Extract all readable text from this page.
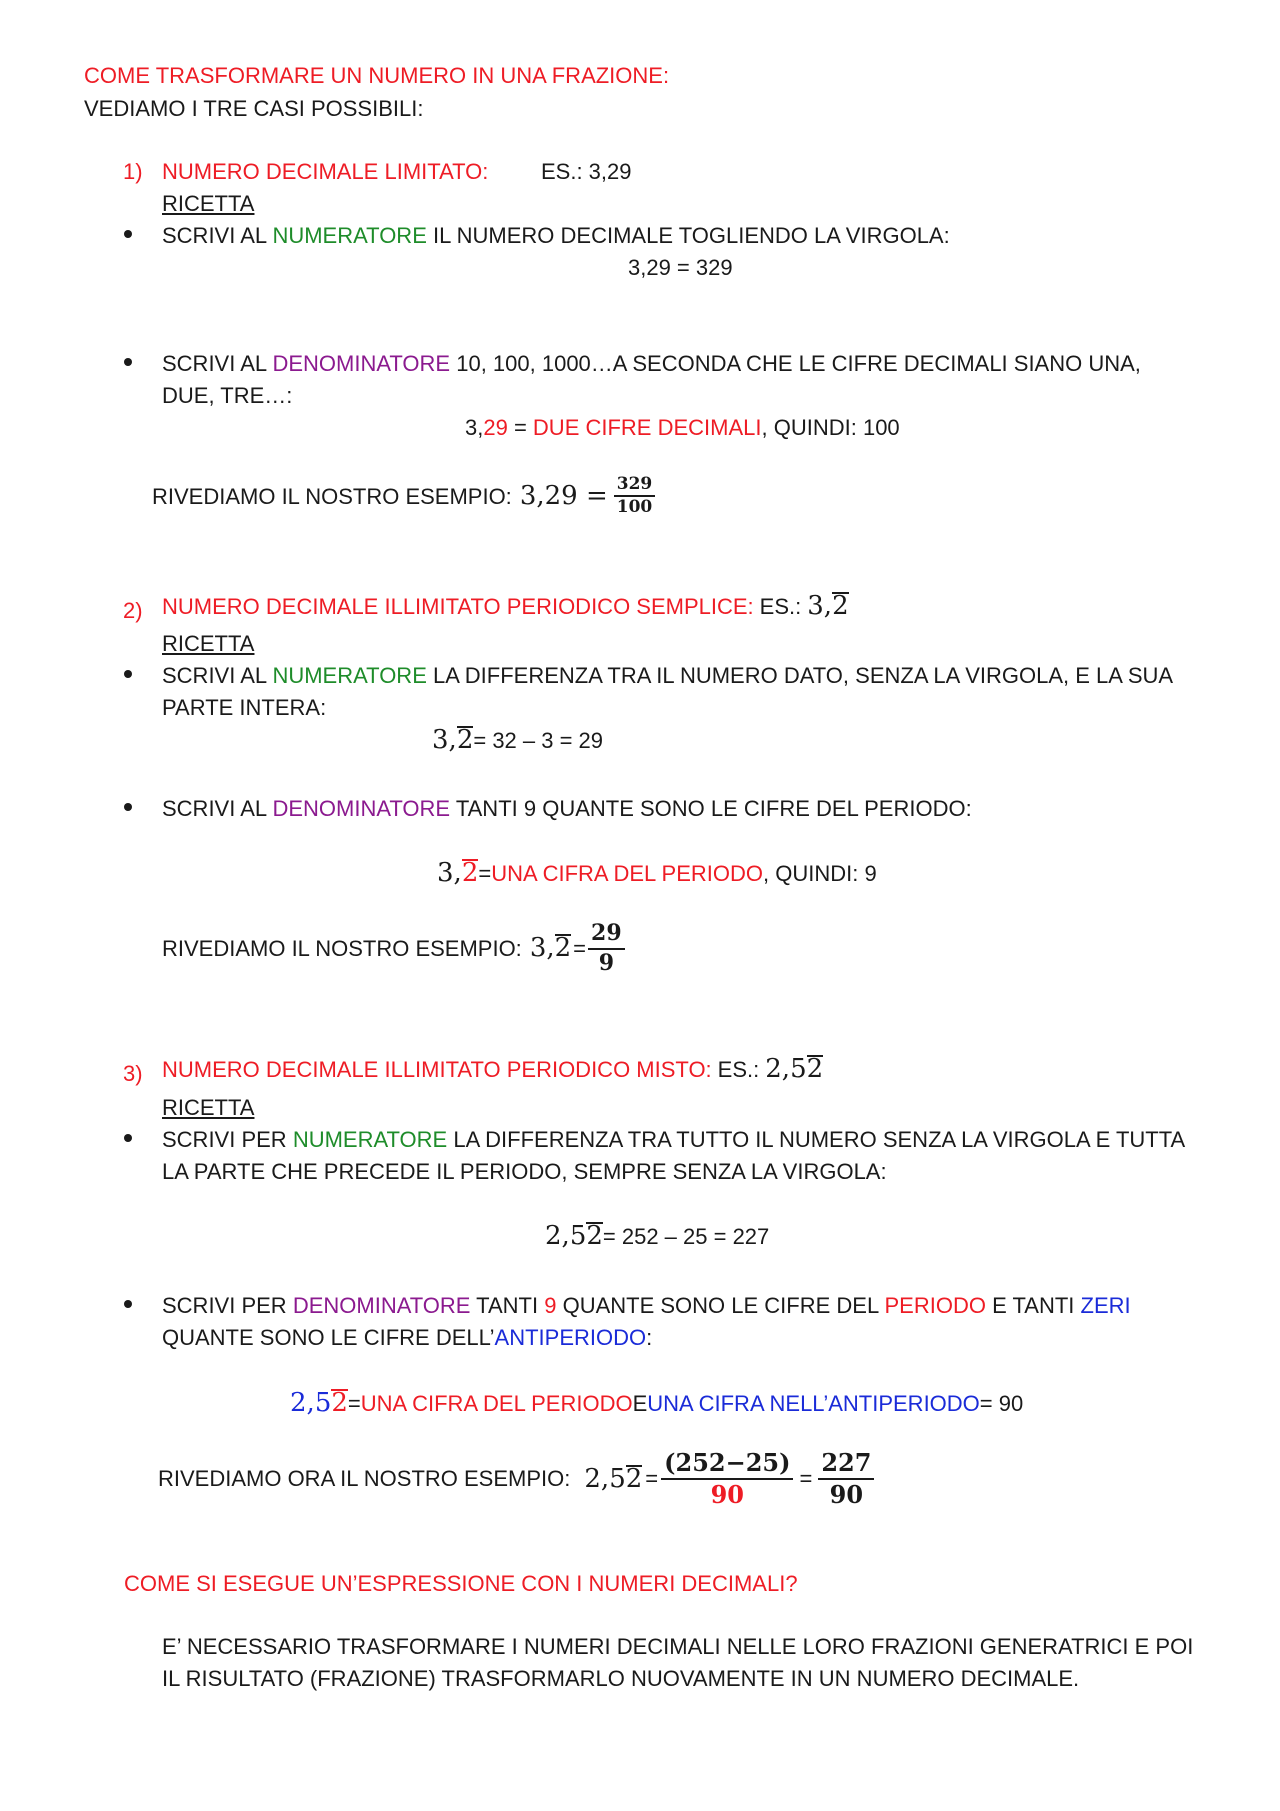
COME TRASFORMARE UN NUMERO IN UNA FRAZIONE:
VEDIAMO I TRE CASI POSSIBILI:
1) NUMERO DECIMALE LIMITATO: ES.: 3,29
RICETTA
SCRIVI AL NUMERATORE IL NUMERO DECIMALE TOGLIENDO LA VIRGOLA:
3,29 = 329
SCRIVI AL DENOMINATORE 10, 100, 1000…A SECONDA CHE LE CIFRE DECIMALI SIANO UNA,
DUE, TRE…:
3,29 = DUE CIFRE DECIMALI, QUINDI: 100
RIVEDIAMO IL NOSTRO ESEMPIO: $3,29 = \frac{329}{100}$
2) NUMERO DECIMALE ILLIMITATO PERIODICO SEMPLICE: ES.: 3,
2
RICETTA
SCRIVI AL NUMERATORE LA DIFFERENZA TRA IL NUMERO DATO, SENZA LA VIRGOLA, E LA SUA
PARTE INTERA:
3,
2 = 32 – 3 = 29
SCRIVI AL DENOMINATORE TANTI 9 QUANTE SONO LE CIFRE DEL PERIODO:
3,
2 = UNA CIFRA DEL PERIODO , QUINDI: 9
RIVEDIAMO IL NOSTRO ESEMPIO: 3,
$2 = \frac{29}{9}$
3) NUMERO DECIMALE ILLIMITATO PERIODICO MISTO: ES.: 2,5
2
RICETTA
SCRIVI PER NUMERATORE LA DIFFERENZA TRA TUTTO IL NUMERO SENZA LA VIRGOLA E TUTTA
LA PARTE CHE PRECEDE IL PERIODO, SEMPRE SENZA LA VIRGOLA:
2,5
2 = 252 – 25 = 227
SCRIVI PER DENOMINATORE TANTI 9 QUANTE SONO LE CIFRE DEL PERIODO E TANTI ZERI
QUANTE SONO LE CIFRE DELL’ANTIPERIODO:
2,5
2 = UNA CIFRA DEL PERIODO E UNA CIFRA NELL’ANTIPERIODO = 90
RIVEDIAMO ORA IL NOSTRO ESEMPIO: 2,5
$2 = \frac{(252-25)}{90} = \frac{227}{90}$
COME SI ESEGUE UN’ESPRESSIONE CON I NUMERI DECIMALI?
E’ NECESSARIO TRASFORMARE I NUMERI DECIMALI NELLE LORO FRAZIONI GENERATRICI E POI
IL RISULTATO (FRAZIONE) TRASFORMARLO NUOVAMENTE IN UN NUMERO DECIMALE.
